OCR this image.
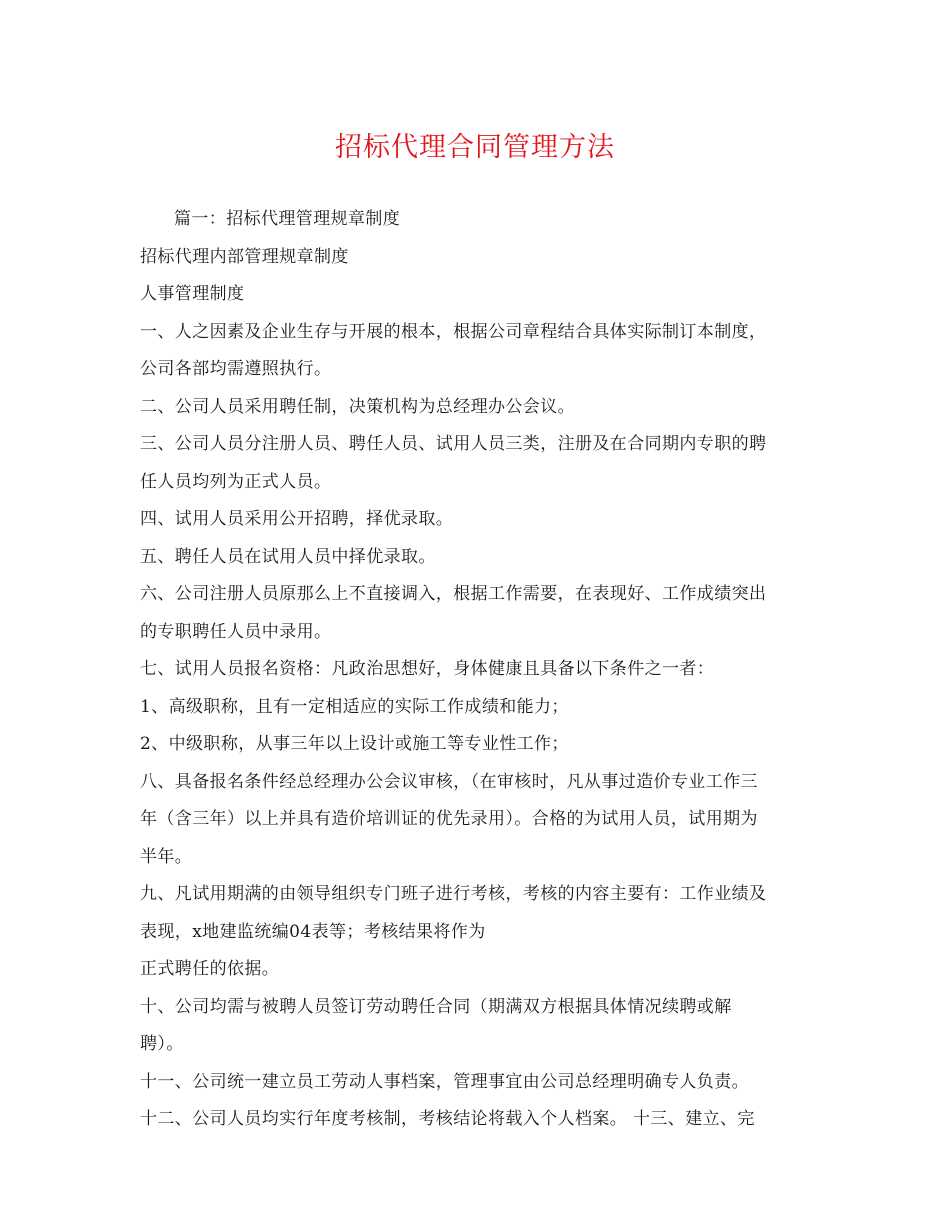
招标代理合同管理方法

篇一：招标代理管理规章制度

招标代理内部管理规章制度

人事管理制度

一、人之因素及企业生存与开展的根本，根据公司章程结合具体实际制订本制度，

公司各部均需遵照执行。

二、公司人员采用聘任制，决策机构为总经理办公会议。

三、公司人员分注册人员、聘任人员、试用人员三类，注册及在合同期内专职的聘

任人员均列为正式人员。

四、试用人员采用公开招聘，择优录取。

五、聘任人员在试用人员中择优录取。

六、公司注册人员原那么上不直接调入，根据工作需要，在表现好、工作成绩突出

的专职聘任人员中录用。

七、试用人员报名资格：凡政治思想好，身体健康且具备以下条件之一者：

1、高级职称，且有一定相适应的实际工作成绩和能力；

2、中级职称，从事三年以上设计或施工等专业性工作；

八、具备报名条件经总经理办公会议审核，（在审核时，凡从事过造价专业工作三

年（含三年）以上并具有造价培训证的优先录用）。合格的为试用人员，试用期为

半年。

九、凡试用期满的由领导组织专门班子进行考核，考核的内容主要有：工作业绩及

表现，x地建监统编04表等；考核结果将作为

正式聘任的依据。

十、公司均需与被聘人员签订劳动聘任合同（期满双方根据具体情况续聘或解

聘）。

十一、公司统一建立员工劳动人事档案，管理事宜由公司总经理明确专人负责。

十二、公司人员均实行年度考核制，考核结论将载入个人档案。 十三、建立、完
